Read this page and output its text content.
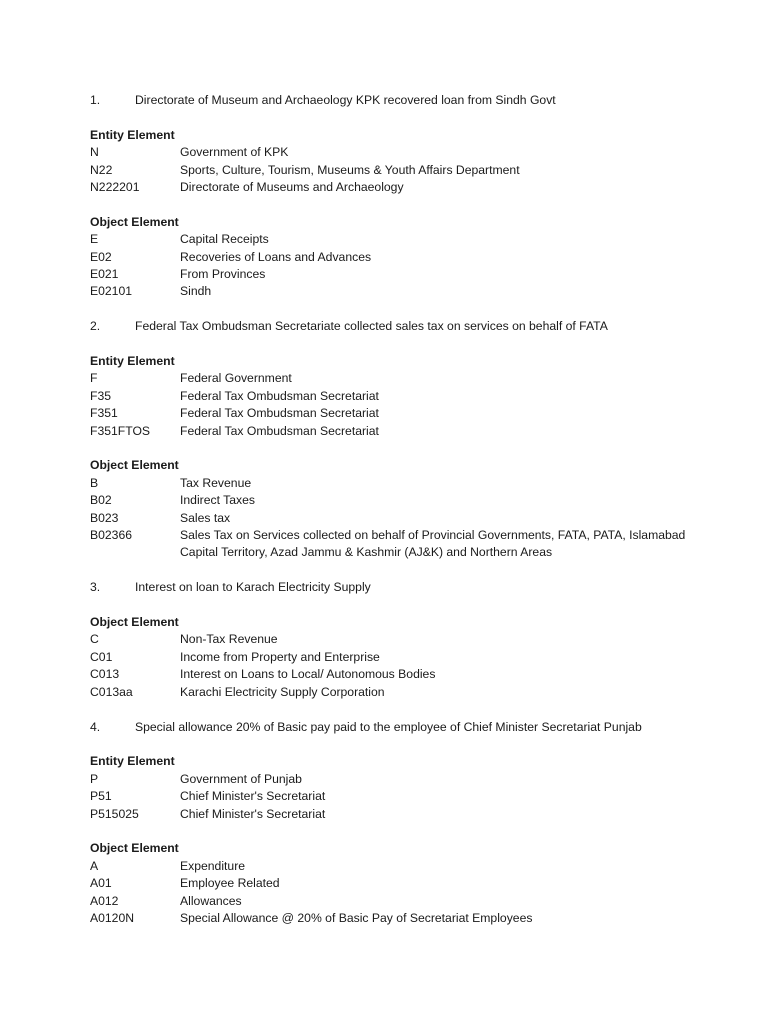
1.	Directorate of Museum and Archaeology KPK recovered loan from Sindh Govt
Entity Element
N	Government of KPK
N22	Sports, Culture, Tourism, Museums & Youth Affairs Department
N222201	Directorate of Museums and Archaeology
Object Element
E	Capital Receipts
E02	Recoveries of Loans and Advances
E021	From Provinces
E02101	Sindh
2.	Federal Tax Ombudsman Secretariate collected sales tax on services on behalf of FATA
Entity Element
F	Federal Government
F35	Federal Tax Ombudsman Secretariat
F351	Federal Tax Ombudsman Secretariat
F351FTOS	Federal Tax Ombudsman Secretariat
Object Element
B	Tax Revenue
B02	Indirect Taxes
B023	Sales tax
B02366	Sales Tax on Services collected on behalf of Provincial Governments, FATA, PATA, Islamabad Capital Territory, Azad Jammu & Kashmir (AJ&K) and Northern Areas
3.	Interest on loan to Karach Electricity Supply
Object Element
C	Non-Tax Revenue
C01	Income from Property and Enterprise
C013	Interest on Loans to Local/ Autonomous Bodies
C013aa	Karachi Electricity Supply Corporation
4.	Special allowance 20% of Basic pay paid to the employee of Chief Minister Secretariat Punjab
Entity Element
P	Government of Punjab
P51	Chief Minister's Secretariat
P515025	Chief Minister's Secretariat
Object Element
A	Expenditure
A01	Employee Related
A012	Allowances
A0120N	Special Allowance @ 20% of Basic Pay of Secretariat Employees
